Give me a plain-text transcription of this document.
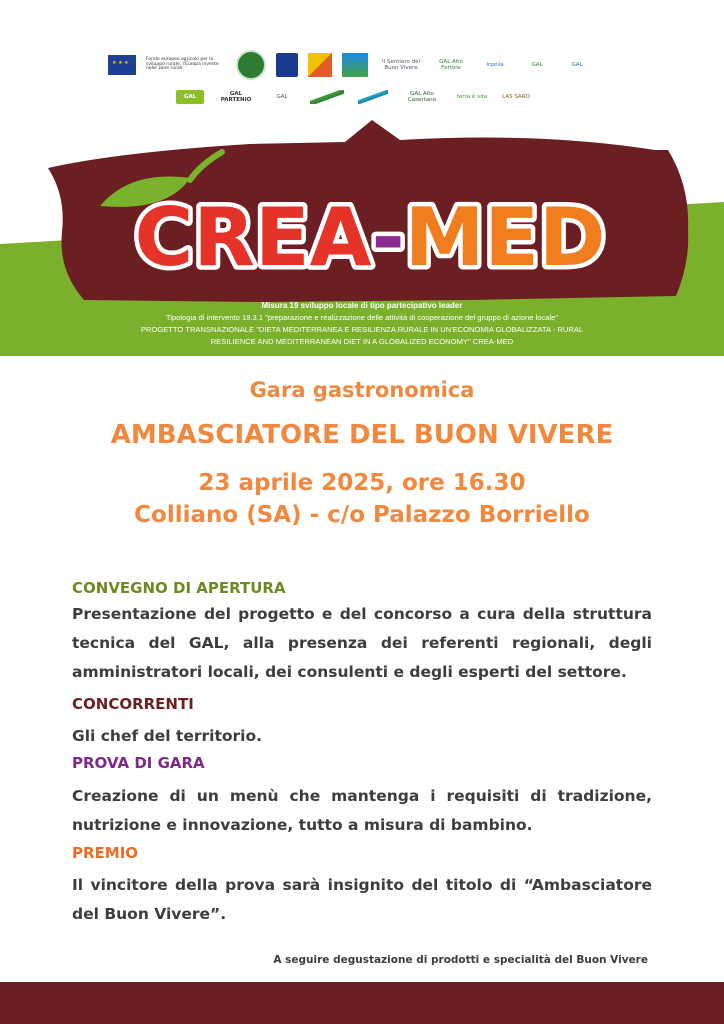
★ ★ ★
Fondo europeo agricolo per lo sviluppo rurale: l'Europa investe nelle zone rurali
Il Sentiero del Buon Vivere
GAL Alto Fortore
Irpinia	GAL	GAL
GAL
GAL PARTENIO
GAL
GAL Alto Casertano
terra è vita	LAS SARO
CREA-MED
Misura 19 sviluppo locale di tipo partecipativo leader
Tipologia di intervento 19.3.1 "preparazione e realizzazione delle attività di cooperazione del gruppo di azione locale"
PROGETTO TRANSNAZIONALE "DIETA MEDITERRANEA E RESILIENZA RURALE IN UN'ECONOMIA GLOBALIZZATA - RURAL
RESILIENCE AND MEDITERRANEAN DIET IN A GLOBALIZED ECONOMY" CREA-MED
Gara gastronomica
AMBASCIATORE DEL BUON VIVERE
23 aprile 2025, ore 16.30
Colliano (SA) - c/o Palazzo Borriello
CONVEGNO DI APERTURA
Presentazione del progetto e del concorso a cura della struttura tecnica del GAL, alla presenza dei referenti regionali, degli amministratori locali, dei consulenti e degli esperti del settore.
CONCORRENTI
Gli chef del territorio.
PROVA DI GARA
Creazione di un menù che mantenga i requisiti di tradizione, nutrizione e innovazione, tutto a misura di bambino.
PREMIO
Il vincitore della prova sarà insignito del titolo di “Ambasciatore del Buon Vivere”.
A seguire degustazione di prodotti e specialità del Buon Vivere
